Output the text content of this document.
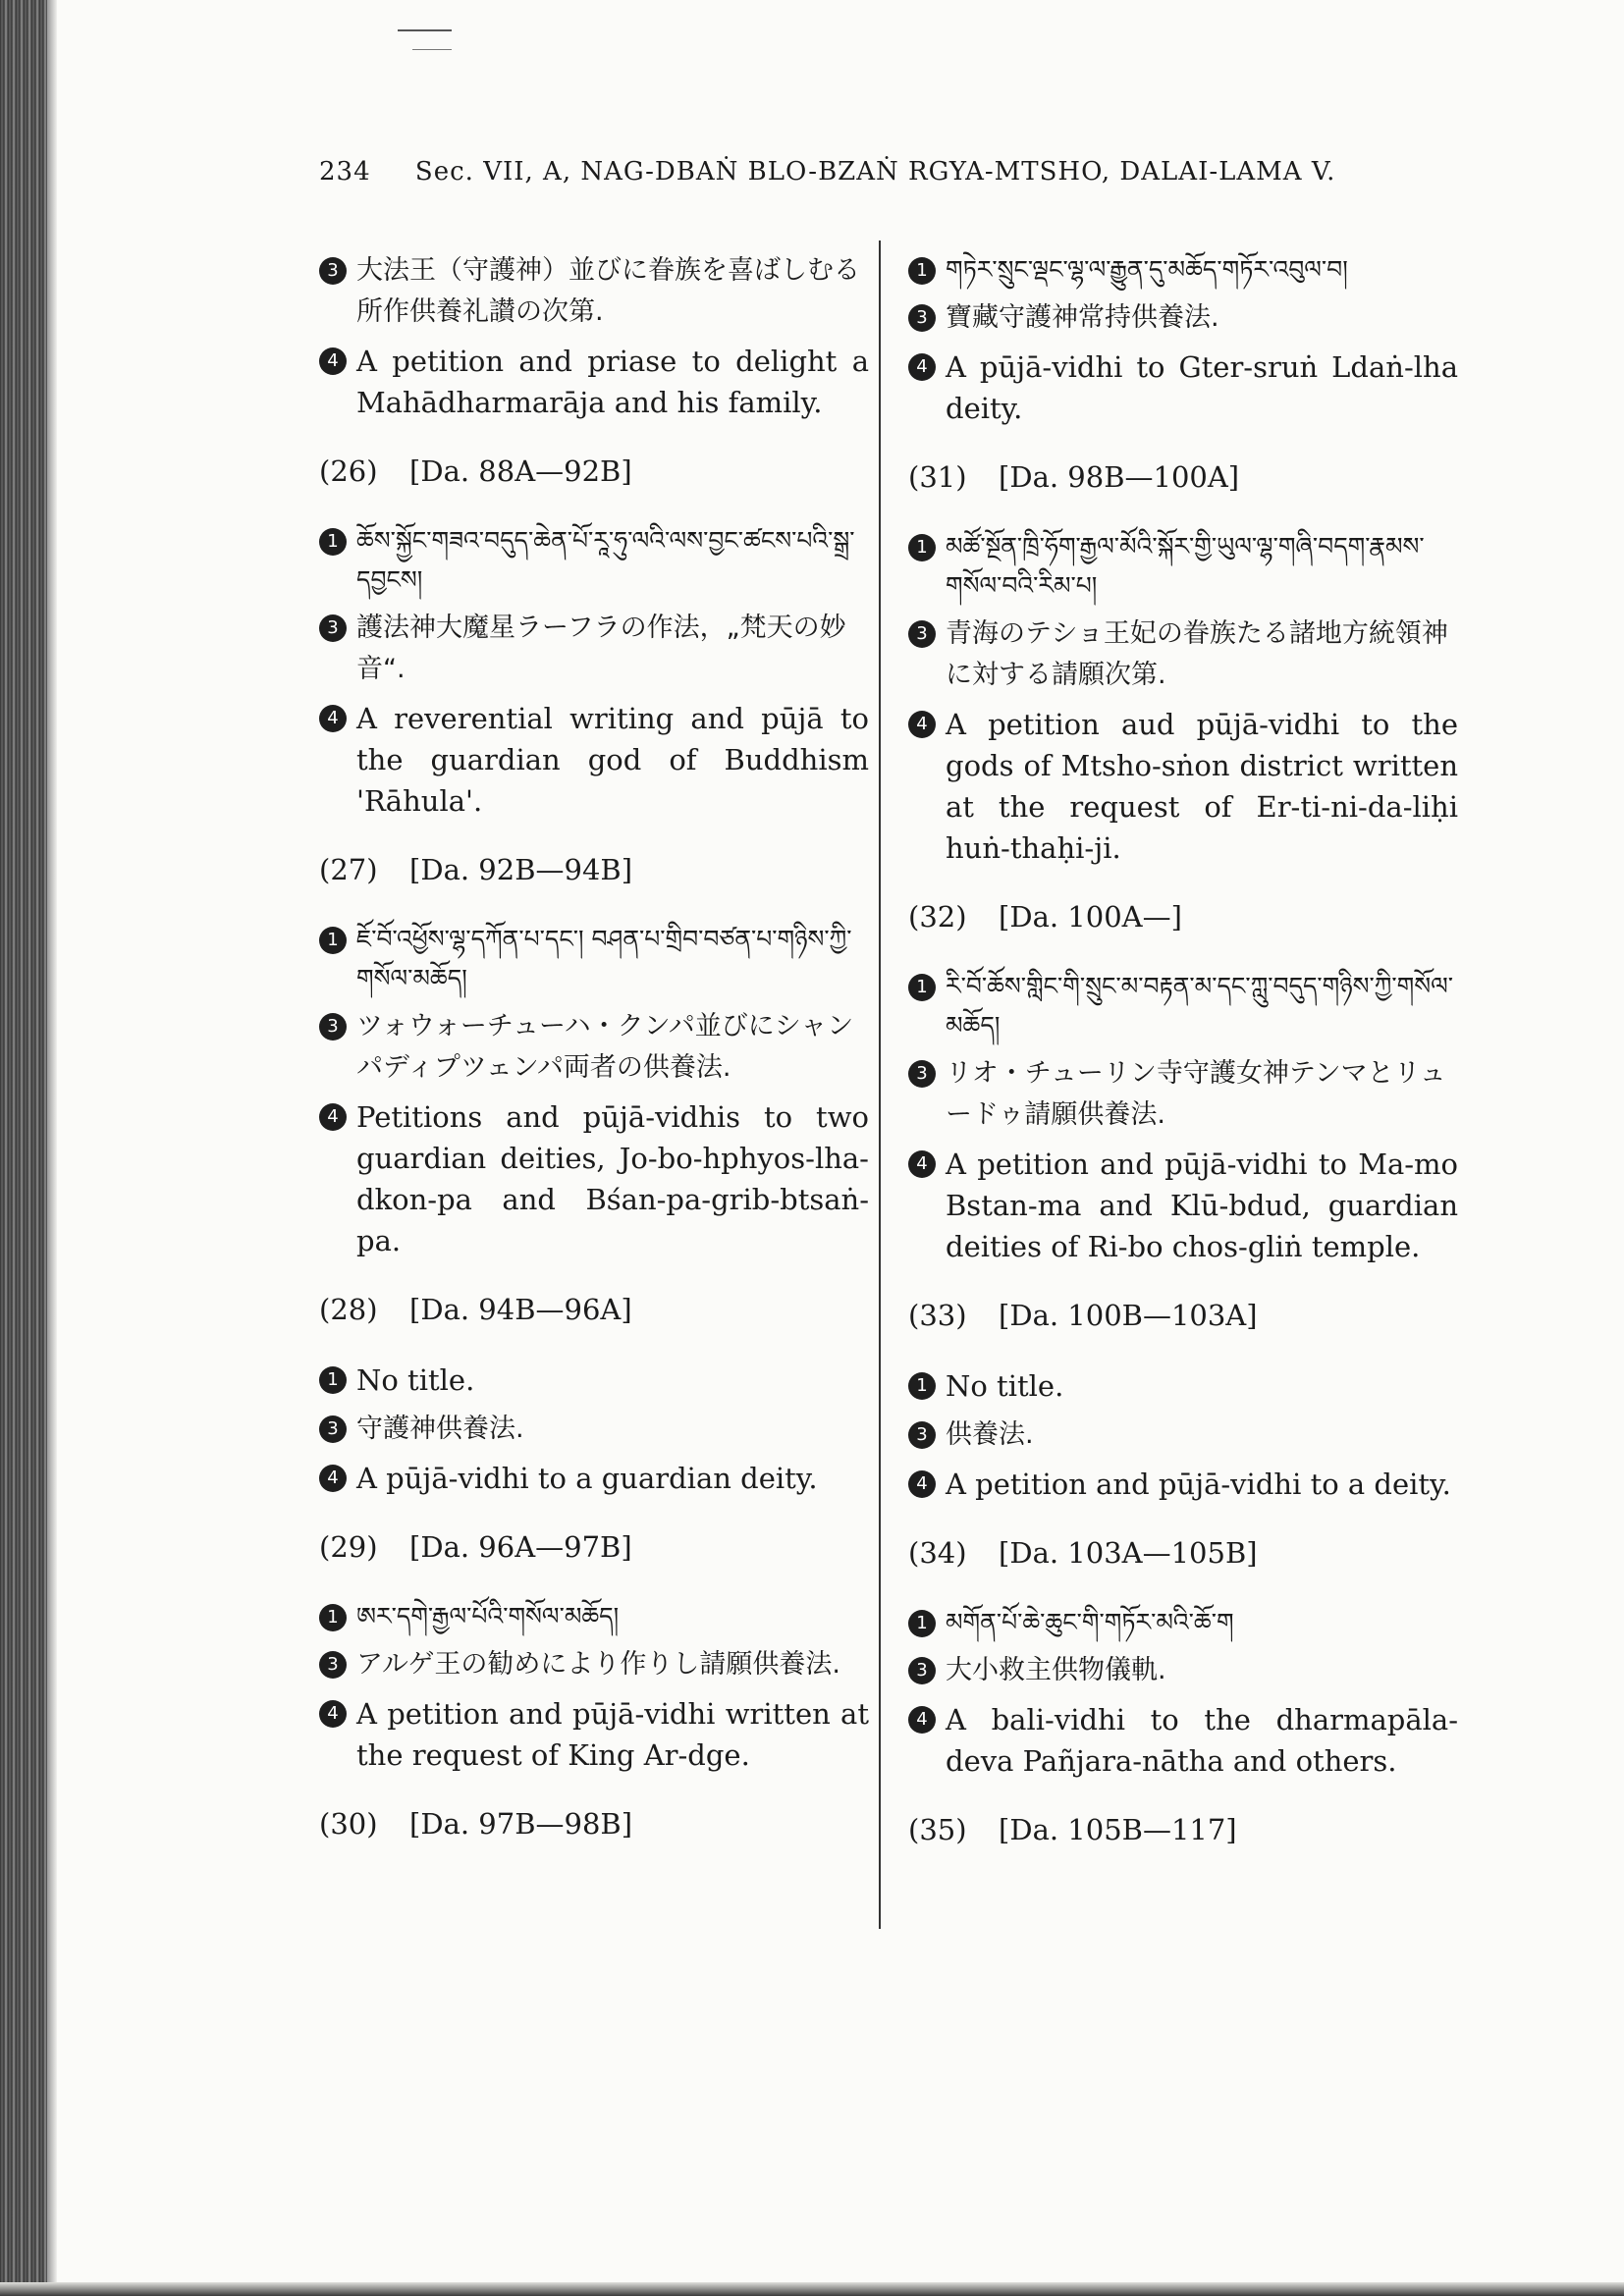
234 Sec. VII, A, NAG-DBAṄ BLO-BZAṄ RGYA-MTSHO, DALAI-LAMA V.
3 大法王（守護神）並びに眷族を喜ばしむる所作供養礼讃の次第.
4 A petition and priase to delight a Mahādharmarāja and his family.
(26) [Da. 88A—92B]
1 ཆོས་སྐྱོང་གཟའ་བདུད་ཆེན་པོ་རཱ་ཧུ་ལའི་ལས་བྱང་ཚངས་པའི་སྒྲ་དབྱངས།
3 護法神大魔星ラーフラの作法，„梵天の妙音“.
4 A reverential writing and pūjā to the guardian god of Buddhism 'Rāhula'.
(27) [Da. 92B—94B]
1 ཇོ་བོ་འཕྱོས་ལྷ་དཀོན་པ་དང་། བཤན་པ་གྲིབ་བཙན་པ་གཉིས་ཀྱི་གསོལ་མཆོད།
3 ツォウォーチューハ・クンパ並びにシャンパディプツェンパ両者の供養法.
4 Petitions and pūjā-vidhis to two guardian deities, Jo-bo-hphyos-lha-dkon-pa and Bśan-pa-grib-btsaṅ-pa.
(28) [Da. 94B—96A]
1 No title.
3 守護神供養法.
4 A pūjā-vidhi to a guardian deity.
(29) [Da. 96A—97B]
1 ཨར་དགེ་རྒྱལ་པོའི་གསོལ་མཆོད།
3 アルゲ王の勧めにより作りし請願供養法.
4 A petition and pūjā-vidhi written at the request of King Ar-dge.
(30) [Da. 97B—98B]
1 གཏེར་སྲུང་ལྡང་ལྷ་ལ་རྒྱུན་དུ་མཆོད་གཏོར་འབུལ་བ།
3 寶藏守護神常持供養法.
4 A pūjā-vidhi to Gter-sruṅ Ldaṅ-lha deity.
(31) [Da. 98B—100A]
1 མཚོ་སྔོན་ཁྲི་ཧོག་རྒྱལ་མོའི་སྐོར་གྱི་ཡུལ་ལྷ་གཞི་བདག་རྣམས་གསོལ་བའི་རིམ་པ།
3 青海のテショ王妃の眷族たる諸地方統領神に対する請願次第.
4 A petition aud pūjā-vidhi to the gods of Mtsho-sṅon district written at the request of Er-ti-ni-da-liḥi huṅ-thaḥi-ji.
(32) [Da. 100A—]
1 རི་བོ་ཆོས་གླིང་གི་སྲུང་མ་བརྟན་མ་དང་ཀླུ་བདུད་གཉིས་ཀྱི་གསོལ་མཆོད།
3 リオ・チューリン寺守護女神テンマとリュードゥ請願供養法.
4 A petition and pūjā-vidhi to Ma-mo Bstan-ma and Klū-bdud, guardian deities of Ri-bo chos-gliṅ temple.
(33) [Da. 100B—103A]
1 No title.
3 供養法.
4 A petition and pūjā-vidhi to a deity.
(34) [Da. 103A—105B]
1 མགོན་པོ་ཆེ་ཆུང་གི་གཏོར་མའི་ཆོ་ག
3 大小救主供物儀軌.
4 A bali-vidhi to the dharmapāla-deva Pañjara-nātha and others.
(35) [Da. 105B—117]
